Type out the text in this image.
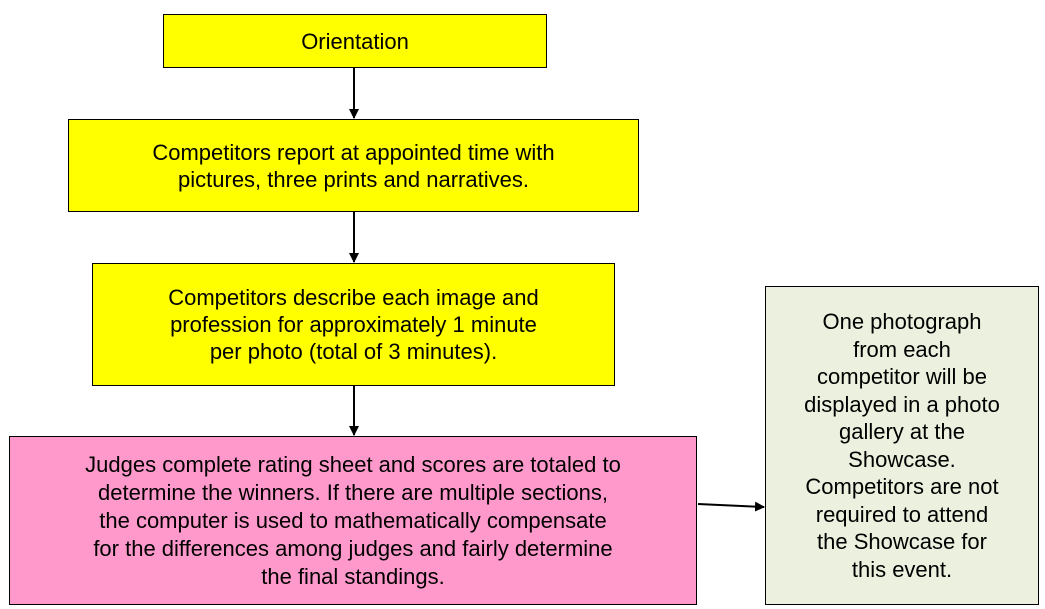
Orientation
Competitors report at appointed time with
pictures, three prints and narratives.
Competitors describe each image and
profession for approximately 1 minute
per photo (total of 3 minutes).
Judges complete rating sheet and scores are totaled to
determine the winners. If there are multiple sections,
the computer is used to mathematically compensate
for the differences among judges and fairly determine
the final standings.
One photograph
from each
competitor will be
displayed in a photo
gallery at the
Showcase.
Competitors are not
required to attend
the Showcase for
this event.
